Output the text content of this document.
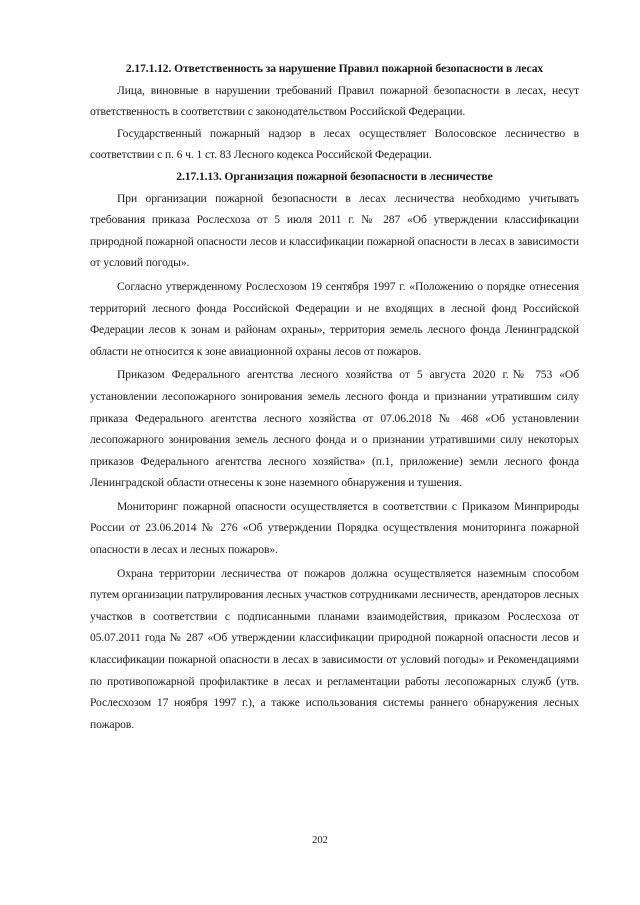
2.17.1.12. Ответственность за нарушение Правил пожарной безопасности в лесах

Лица, виновные в нарушении требований Правил пожарной безопасности в лесах, несут ответственность в соответствии с законодательством Российской Федерации.

Государственный пожарный надзор в лесах осуществляет Волосовское лесничество в соответствии с п. 6 ч. 1 ст. 83 Лесного кодекса Российской Федерации.

2.17.1.13. Организация пожарной безопасности в лесничестве

При организации пожарной безопасности в лесах лесничества необходимо учитывать требования приказа Рослесхоза от 5 июля 2011 г. № 287 «Об утверждении классификации природной пожарной опасности лесов и классификации пожарной опасности в лесах в зависимости от условий погоды».

Согласно утвержденному Рослесхозом 19 сентября 1997 г. «Положению о порядке отнесения территорий лесного фонда Российской Федерации и не входящих в лесной фонд Российской Федерации лесов к зонам и районам охраны», территория земель лесного фонда Ленинградской области не относится к зоне авиационной охраны лесов от пожаров.

Приказом Федерального агентства лесного хозяйства от 5 августа 2020 г.№ 753 «Об установлении лесопожарного зонирования земель лесного фонда и признании утратившим силу приказа Федерального агентства лесного хозяйства от 07.06.2018 № 468 «Об установлении лесопожарного зонирования земель лесного фонда и о признании утратившими силу некоторых приказов Федерального агентства лесного хозяйства» (п.1, приложение) земли лесного фонда Ленинградской области отнесены к зоне наземного обнаружения и тушения.

Мониторинг пожарной опасности осуществляется в соответствии с Приказом Минприроды России от 23.06.2014 № 276 «Об утверждении Порядка осуществления мониторинга пожарной опасности в лесах и лесных пожаров».

Охрана территории лесничества от пожаров должна осуществляется наземным способом путем организации патрулирования лесных участков сотрудниками лесничеств, арендаторов лесных участков в соответствии с подписанными планами взаимодействия, приказом Рослесхоза от 05.07.2011 года № 287 «Об утверждении классификации природной пожарной опасности лесов и классификации пожарной опасности в лесах в зависимости от условий погоды» и Рекомендациями по противопожарной профилактике в лесах и регламентации работы лесопожарных служб (утв. Рослесхозом 17 ноября 1997 г.), а также использования системы раннего обнаружения лесных пожаров.

202
